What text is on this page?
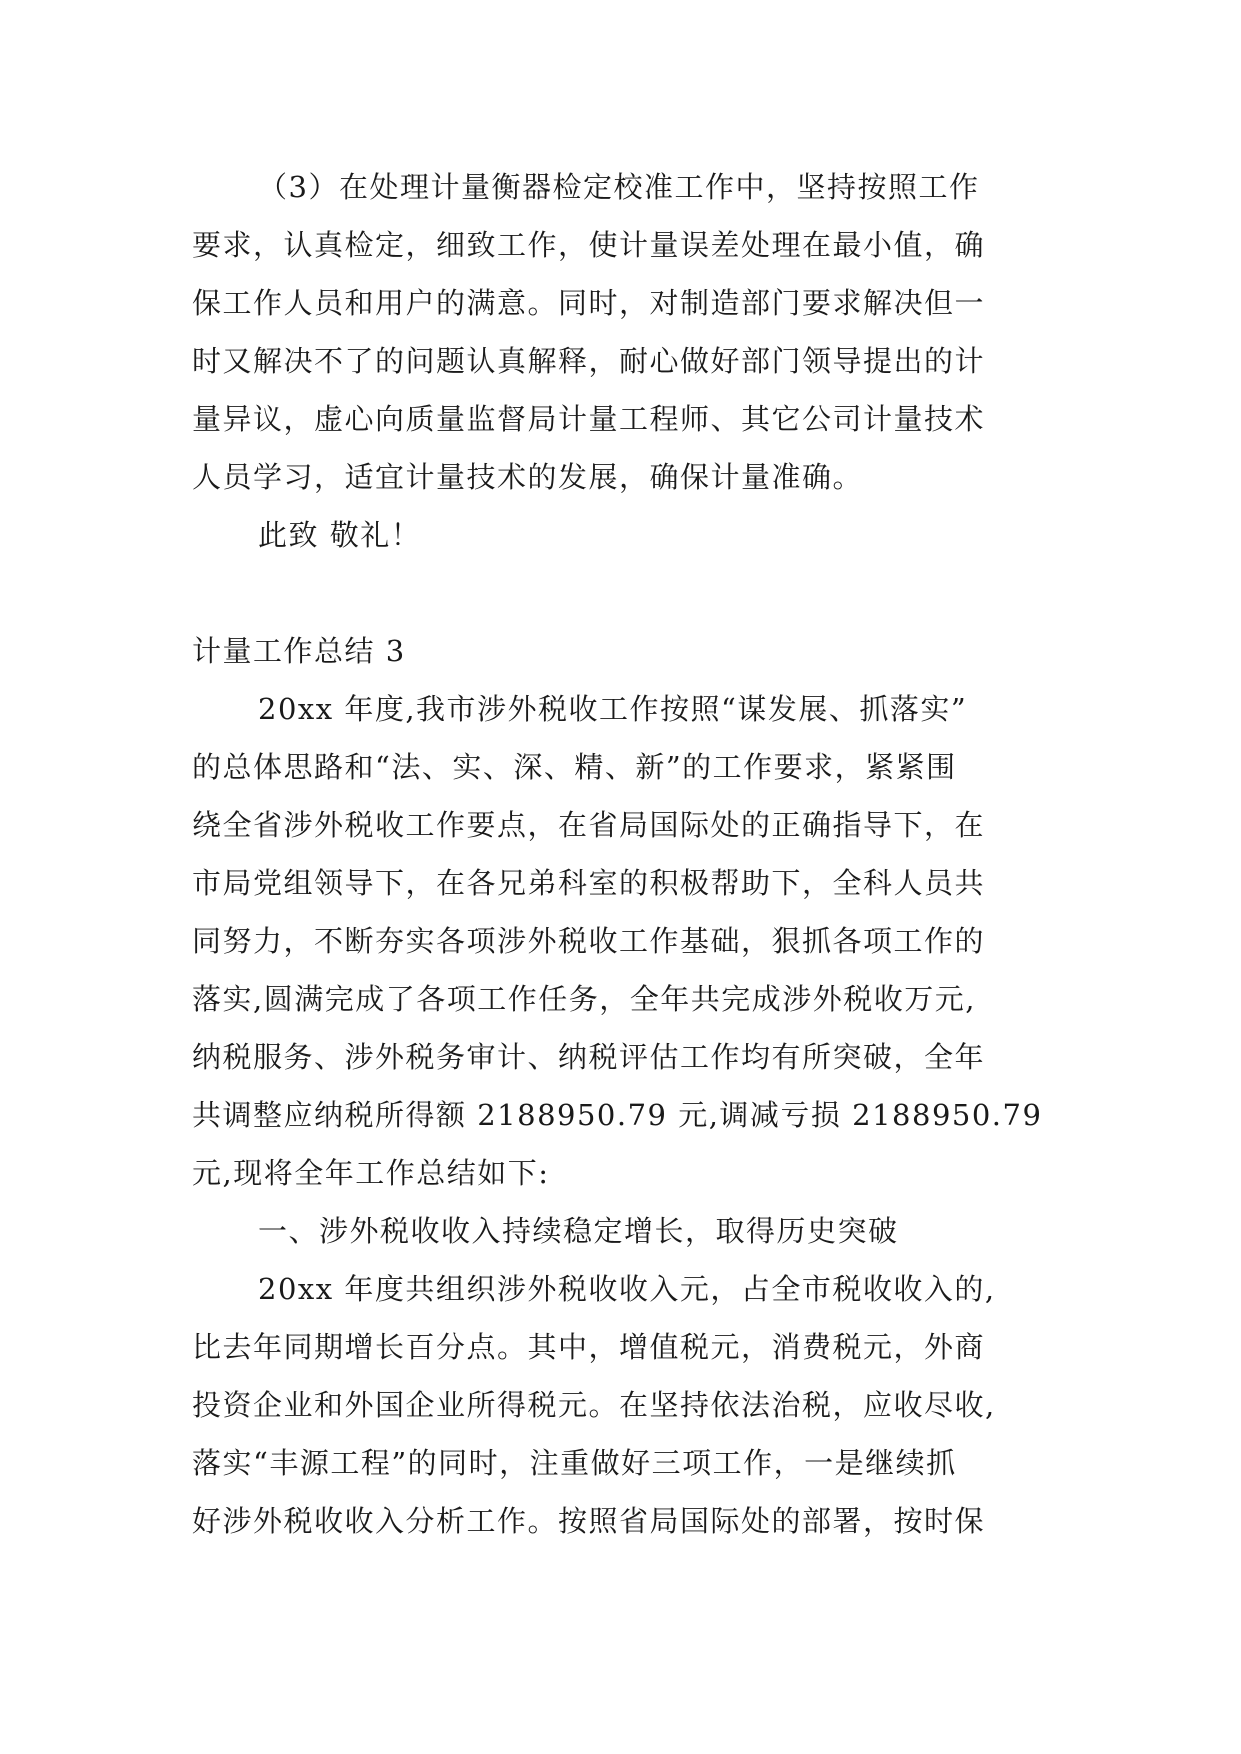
（3）在处理计量衡器检定校准工作中，坚持按照工作
要求，认真检定，细致工作，使计量误差处理在最小值，确
保工作人员和用户的满意。同时，对制造部门要求解决但一
时又解决不了的问题认真解释，耐心做好部门领导提出的计
量异议，虚心向质量监督局计量工程师、其它公司计量技术
人员学习，适宜计量技术的发展，确保计量准确。
此致 敬礼！
计量工作总结 3
20xx 年度,我市涉外税收工作按照“谋发展、抓落实”
的总体思路和“法、实、深、精、新”的工作要求，紧紧围
绕全省涉外税收工作要点，在省局国际处的正确指导下，在
市局党组领导下，在各兄弟科室的积极帮助下，全科人员共
同努力，不断夯实各项涉外税收工作基础，狠抓各项工作的
落实,圆满完成了各项工作任务，全年共完成涉外税收万元,
纳税服务、涉外税务审计、纳税评估工作均有所突破，全年
共调整应纳税所得额 2188950.79 元,调减亏损 2188950.79
元,现将全年工作总结如下:
一、涉外税收收入持续稳定增长，取得历史突破
20xx 年度共组织涉外税收收入元，占全市税收收入的,
比去年同期增长百分点。其中，增值税元，消费税元，外商
投资企业和外国企业所得税元。在坚持依法治税，应收尽收,
落实“丰源工程”的同时，注重做好三项工作，一是继续抓
好涉外税收收入分析工作。按照省局国际处的部署，按时保
